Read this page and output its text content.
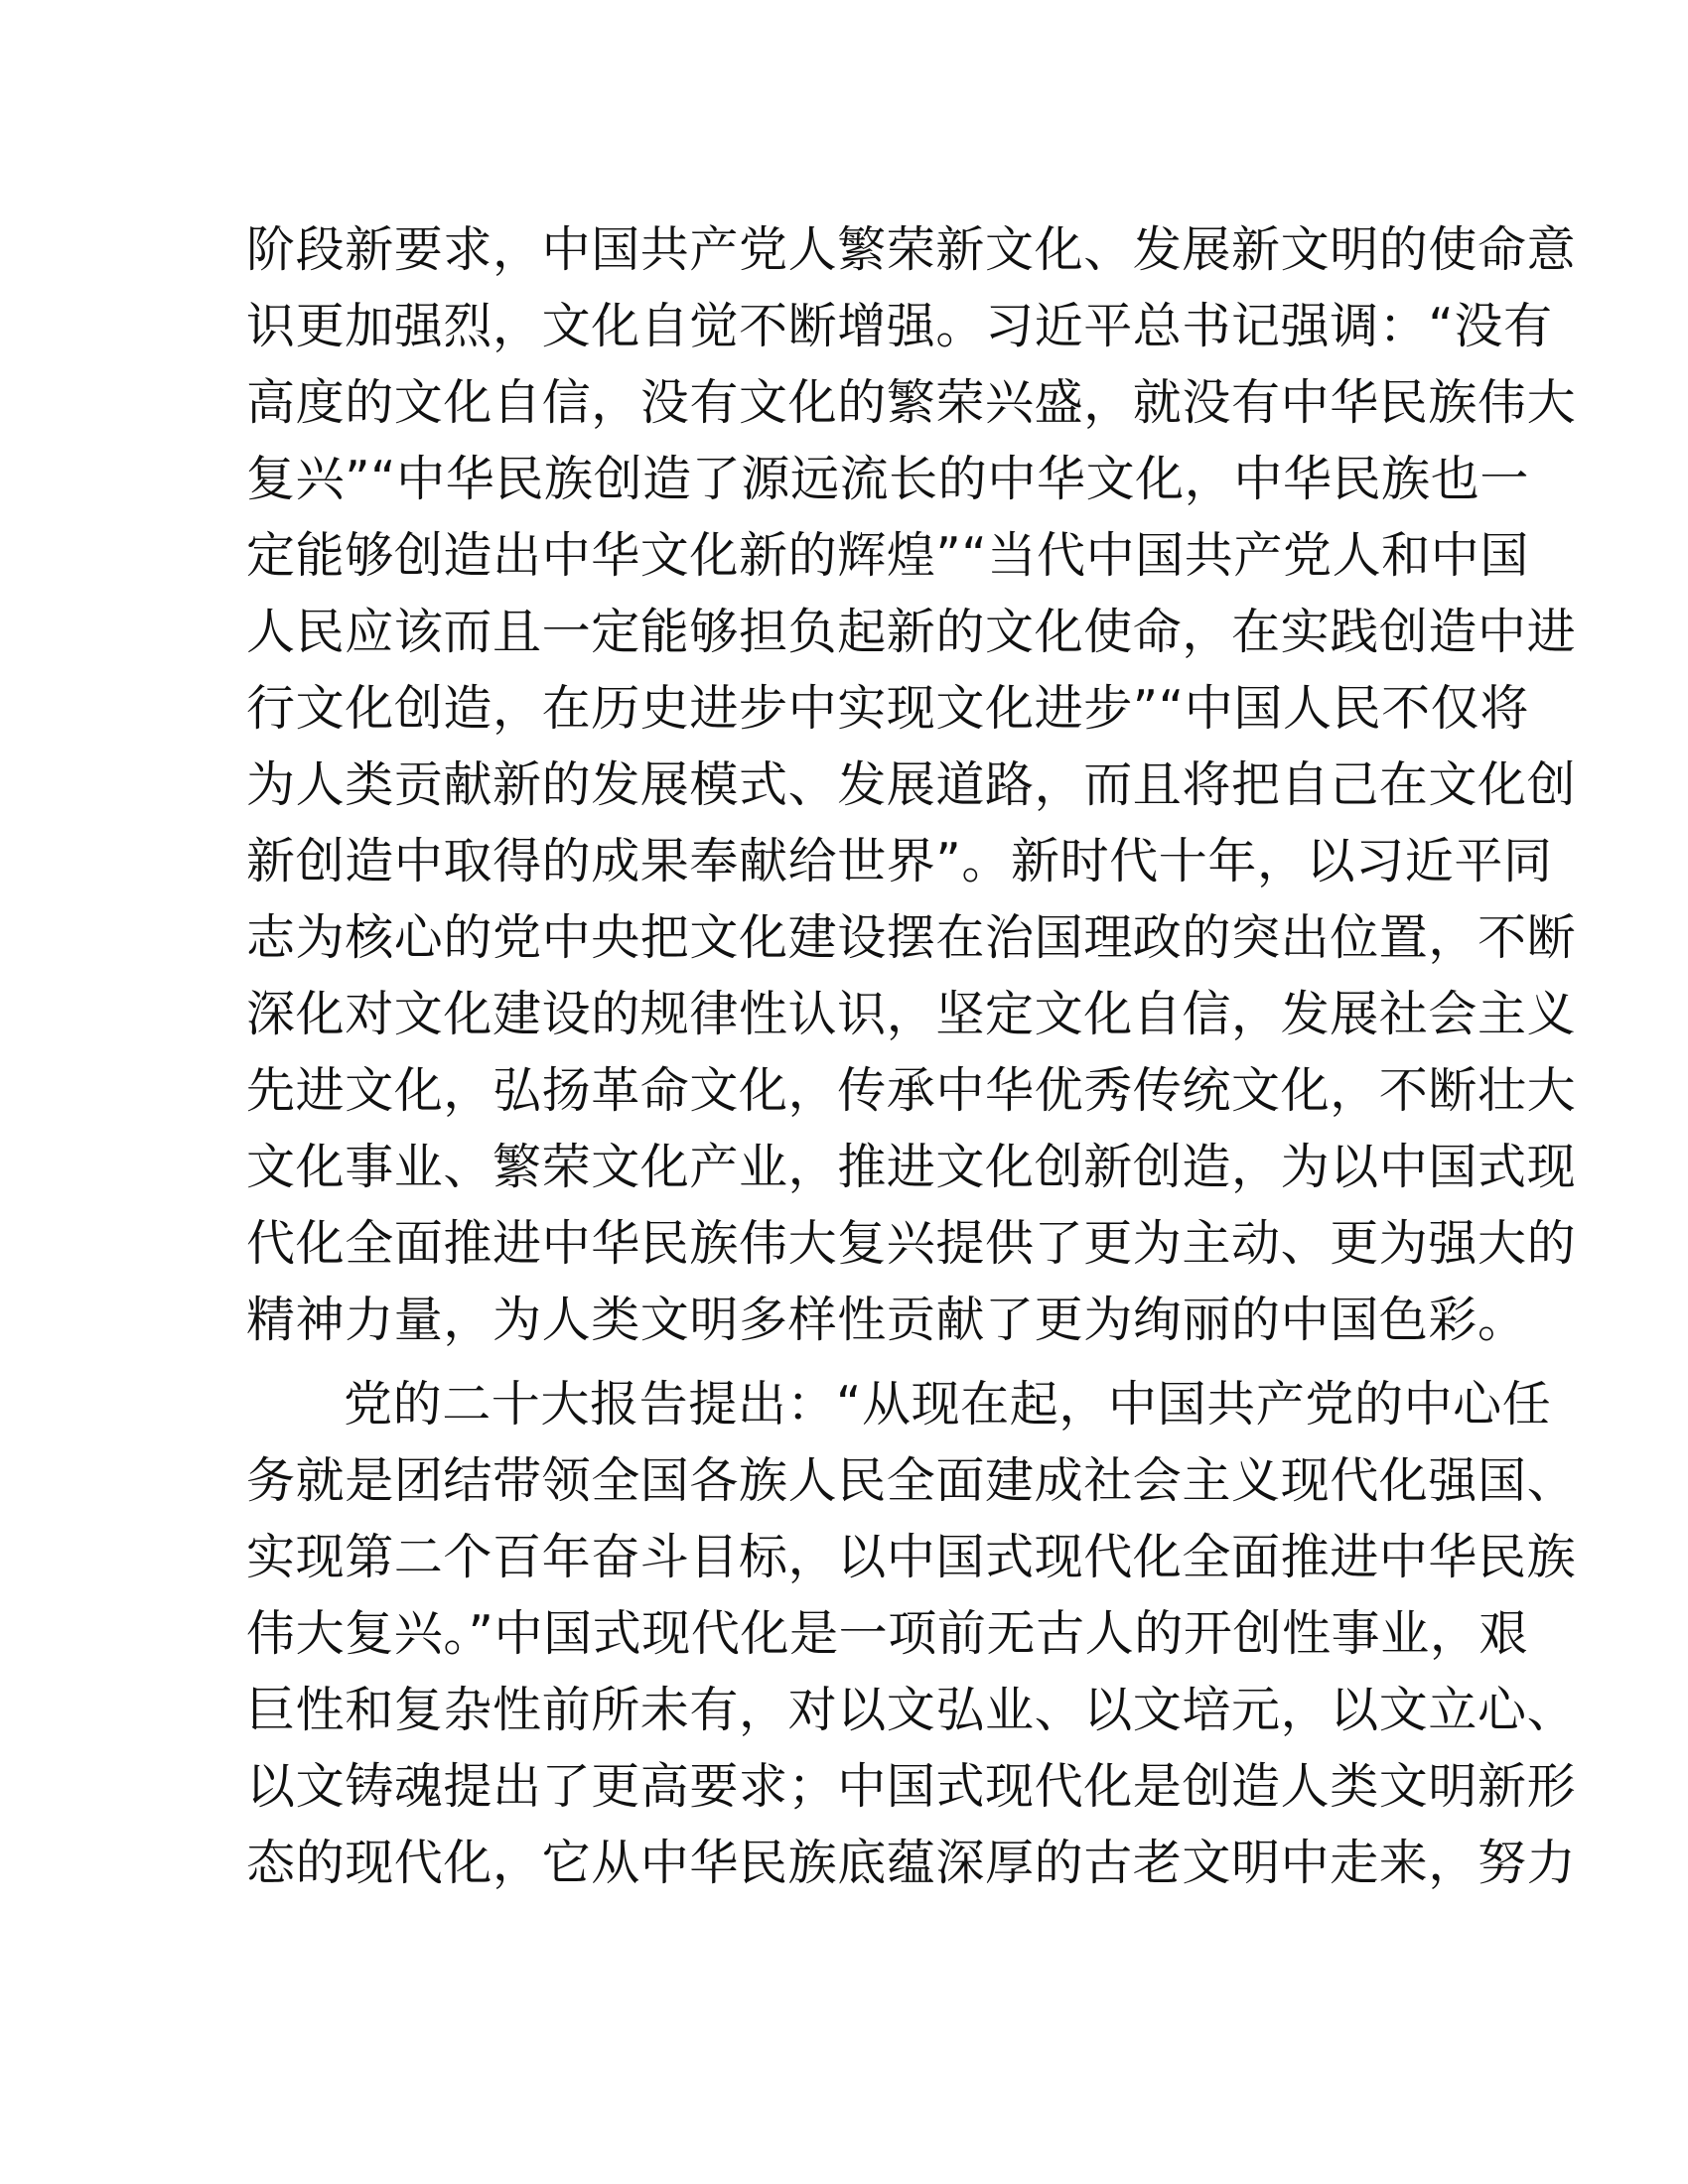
阶段新要求，中国共产党人繁荣新文化、发展新文明的使命意
识更加强烈，文化自觉不断增强。习近平总书记强调：“没有
高度的文化自信，没有文化的繁荣兴盛，就没有中华民族伟大
复兴”“中华民族创造了源远流长的中华文化，中华民族也一
定能够创造出中华文化新的辉煌”“当代中国共产党人和中国
人民应该而且一定能够担负起新的文化使命，在实践创造中进
行文化创造，在历史进步中实现文化进步”“中国人民不仅将
为人类贡献新的发展模式、发展道路，而且将把自己在文化创
新创造中取得的成果奉献给世界”。新时代十年，以习近平同
志为核心的党中央把文化建设摆在治国理政的突出位置，不断
深化对文化建设的规律性认识，坚定文化自信，发展社会主义
先进文化，弘扬革命文化，传承中华优秀传统文化，不断壮大
文化事业、繁荣文化产业，推进文化创新创造，为以中国式现
代化全面推进中华民族伟大复兴提供了更为主动、更为强大的
精神力量，为人类文明多样性贡献了更为绚丽的中国色彩。
党的二十大报告提出：“从现在起，中国共产党的中心任
务就是团结带领全国各族人民全面建成社会主义现代化强国、
实现第二个百年奋斗目标，以中国式现代化全面推进中华民族
伟大复兴。”中国式现代化是一项前无古人的开创性事业，艰
巨性和复杂性前所未有，对以文弘业、以文培元，以文立心、
以文铸魂提出了更高要求；中国式现代化是创造人类文明新形
态的现代化，它从中华民族底蕴深厚的古老文明中走来，努力
